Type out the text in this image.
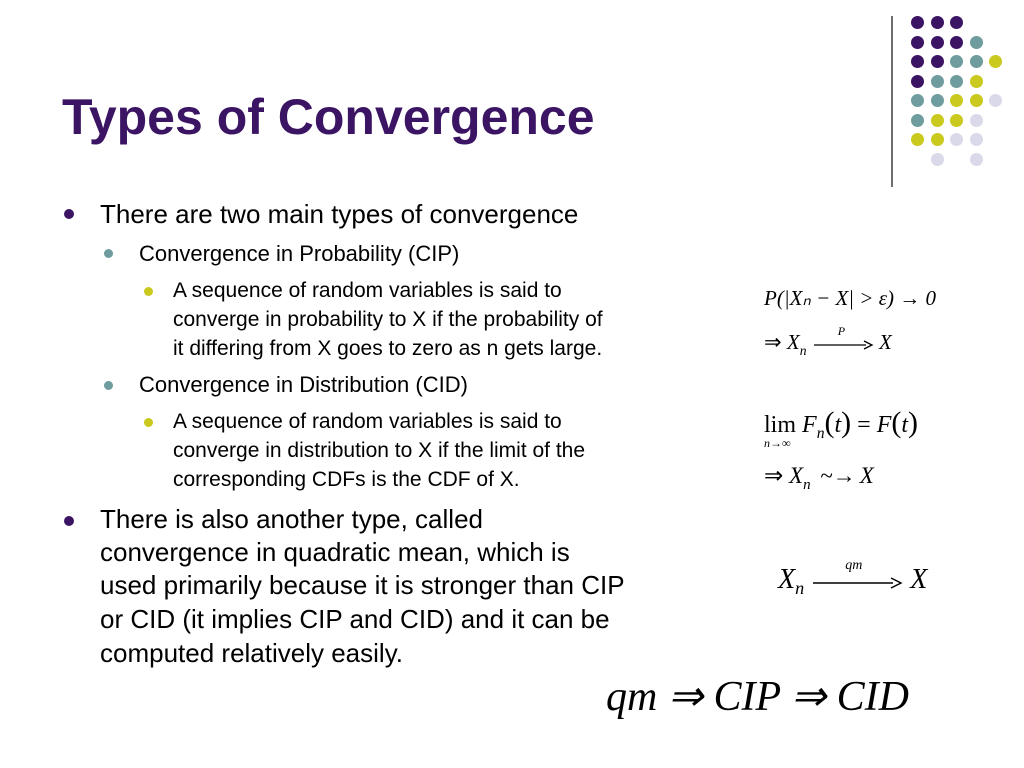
Types of Convergence
There are two main types of convergence
Convergence in Probability (CIP)
A sequence of random variables is said to
converge in probability to X if the probability of
it differing from X goes to zero as n gets large.
Convergence in Distribution (CID)
A sequence of random variables is said to
converge in distribution to X if the limit of the
corresponding CDFs is the CDF of X.
There is also another type, called
convergence in quadratic mean, which is
used primarily because it is stronger than CIP
or CID (it implies CIP and CID) and it can be
computed relatively easily.
P(|Xₙ − X| > ε) → 0
⇒ $X_n$
P X
$\lim F_n(t) = F(t)$
n→∞
⇒ $X_n$ ~→ X
$X_n$
qm X
qm ⇒ CIP ⇒ CID
